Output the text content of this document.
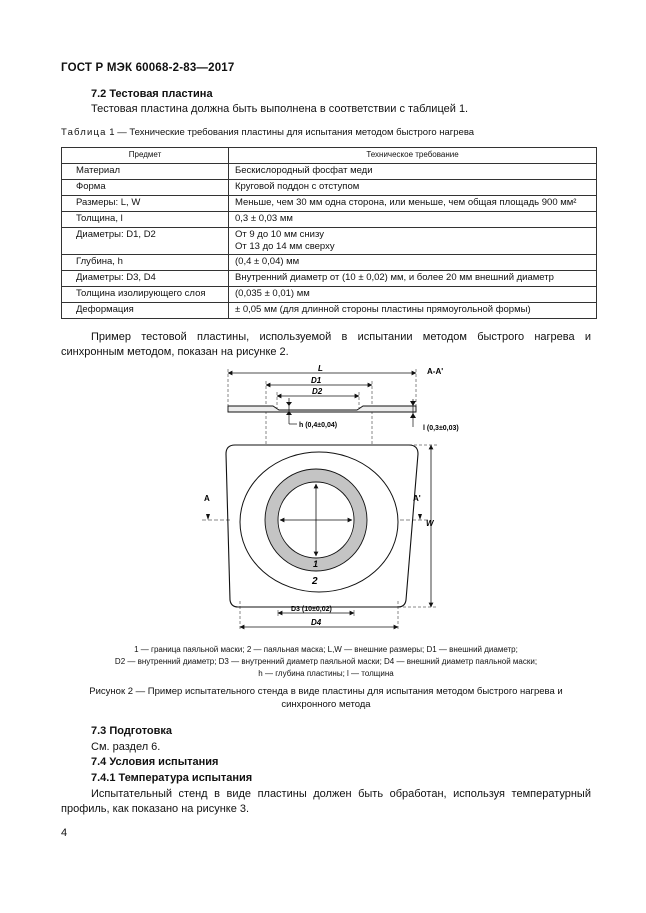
ГОСТ Р МЭК 60068-2-83—2017
7.2 Тестовая пластина
Тестовая пластина должна быть выполнена в соответствии с таблицей 1.
Таблица 1 — Технические требования пластины для испытания методом быстрого нагрева
Предмет	Техническое требование
Материал	Бескислородный фосфат меди
Форма	Круговой поддон с отступом
Размеры: L, W	Меньше, чем 30 мм одна сторона, или меньше, чем общая площадь 900 мм²
Толщина, l	0,3 ± 0,03 мм
Диаметры: D1, D2	От 9 до 10 мм снизу
От 13 до 14 мм сверху

Глубина, h	(0,4 ± 0,04) мм
Диаметры: D3, D4	Внутренний диаметр от (10 ± 0,02) мм, и более 20 мм внешний диаметр
Толщина изолирующего слоя	(0,035 ± 0,01) мм
Деформация	± 0,05 мм (для длинной стороны пластины прямоугольной формы)
Пример тестовой пластины, используемой в испытании методом быстрого нагрева и синхронным методом, показан на рисунке 2.
A-A'
L
D1
D2
h (0,4±0,04)	l (0,3±0,03)
1
2
A	A'
W
D3 (10±0,02)
D4
1 — граница паяльной маски; 2 — паяльная маска; L,W — внешние размеры; D1 — внешний диаметр;
D2 — внутренний диаметр; D3 — внутренний диаметр паяльной маски; D4 — внешний диаметр паяльной маски;
h — глубина пластины; l — толщина
Рисунок 2 — Пример испытательного стенда в виде пластины для испытания методом быстрого нагрева и
синхронного метода
7.3 Подготовка
См. раздел 6.
7.4 Условия испытания
7.4.1 Температура испытания
Испытательный стенд в виде пластины должен быть обработан, используя температурный профиль, как показано на рисунке 3.
4
